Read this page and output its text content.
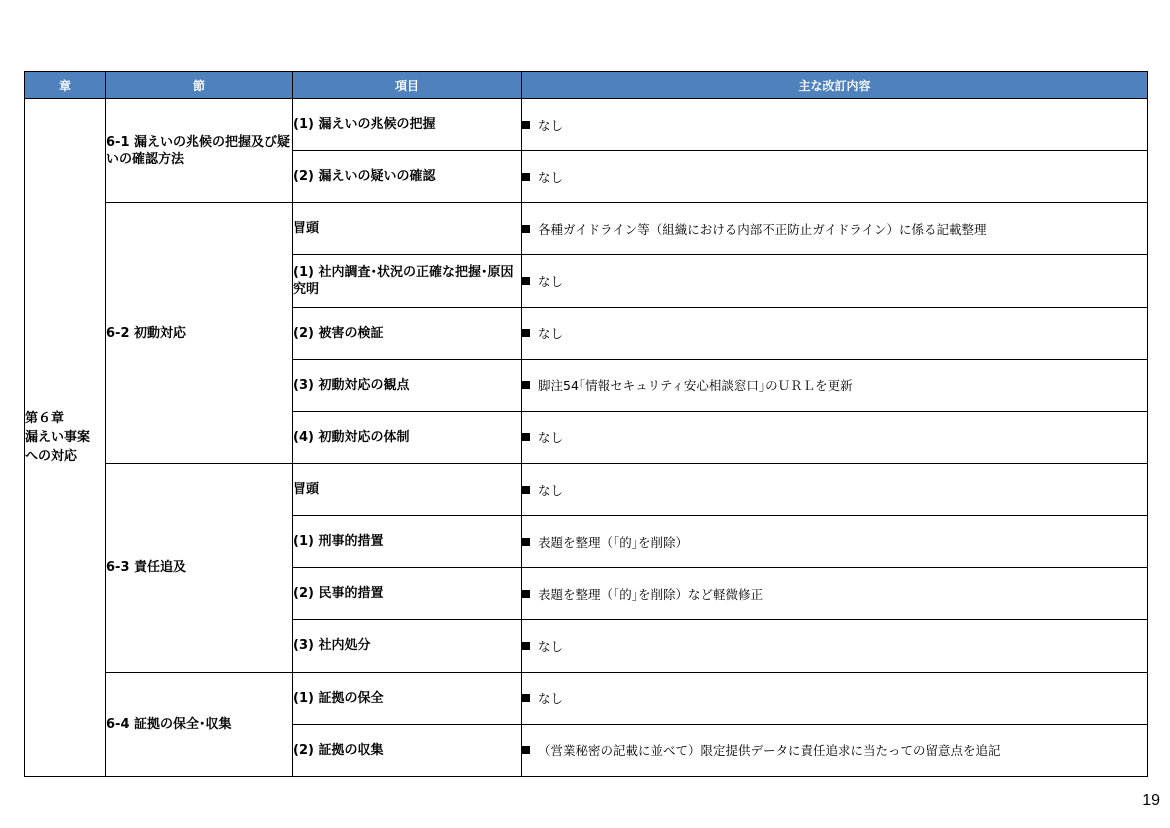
章	節	項目	主な改訂内容

第６章
漏えい事案
への対応	6-1 漏えいの兆候の把握及び疑いの確認方法	(1) 漏えいの兆候の把握	なし
		(2) 漏えいの疑いの確認	なし
	6-2 初動対応	冒頭	各種ガイドライン等（組織における内部不正防止ガイドライン）に係る記載整理
		(1) 社内調査･状況の正確な把握･原因究明	なし
		(2) 被害の検証	なし
		(3) 初動対応の観点	脚注54｢情報セキュリティ安心相談窓口｣のＵＲＬを更新
		(4) 初動対応の体制	なし
	6-3 責任追及	冒頭	なし
		(1) 刑事的措置	表題を整理（｢的｣を削除）
		(2) 民事的措置	表題を整理（｢的｣を削除）など軽微修正
		(3) 社内処分	なし
	6-4 証拠の保全･収集	(1) 証拠の保全	なし
		(2) 証拠の収集	（営業秘密の記載に並べて）限定提供データに責任追求に当たっての留意点を追記
19
